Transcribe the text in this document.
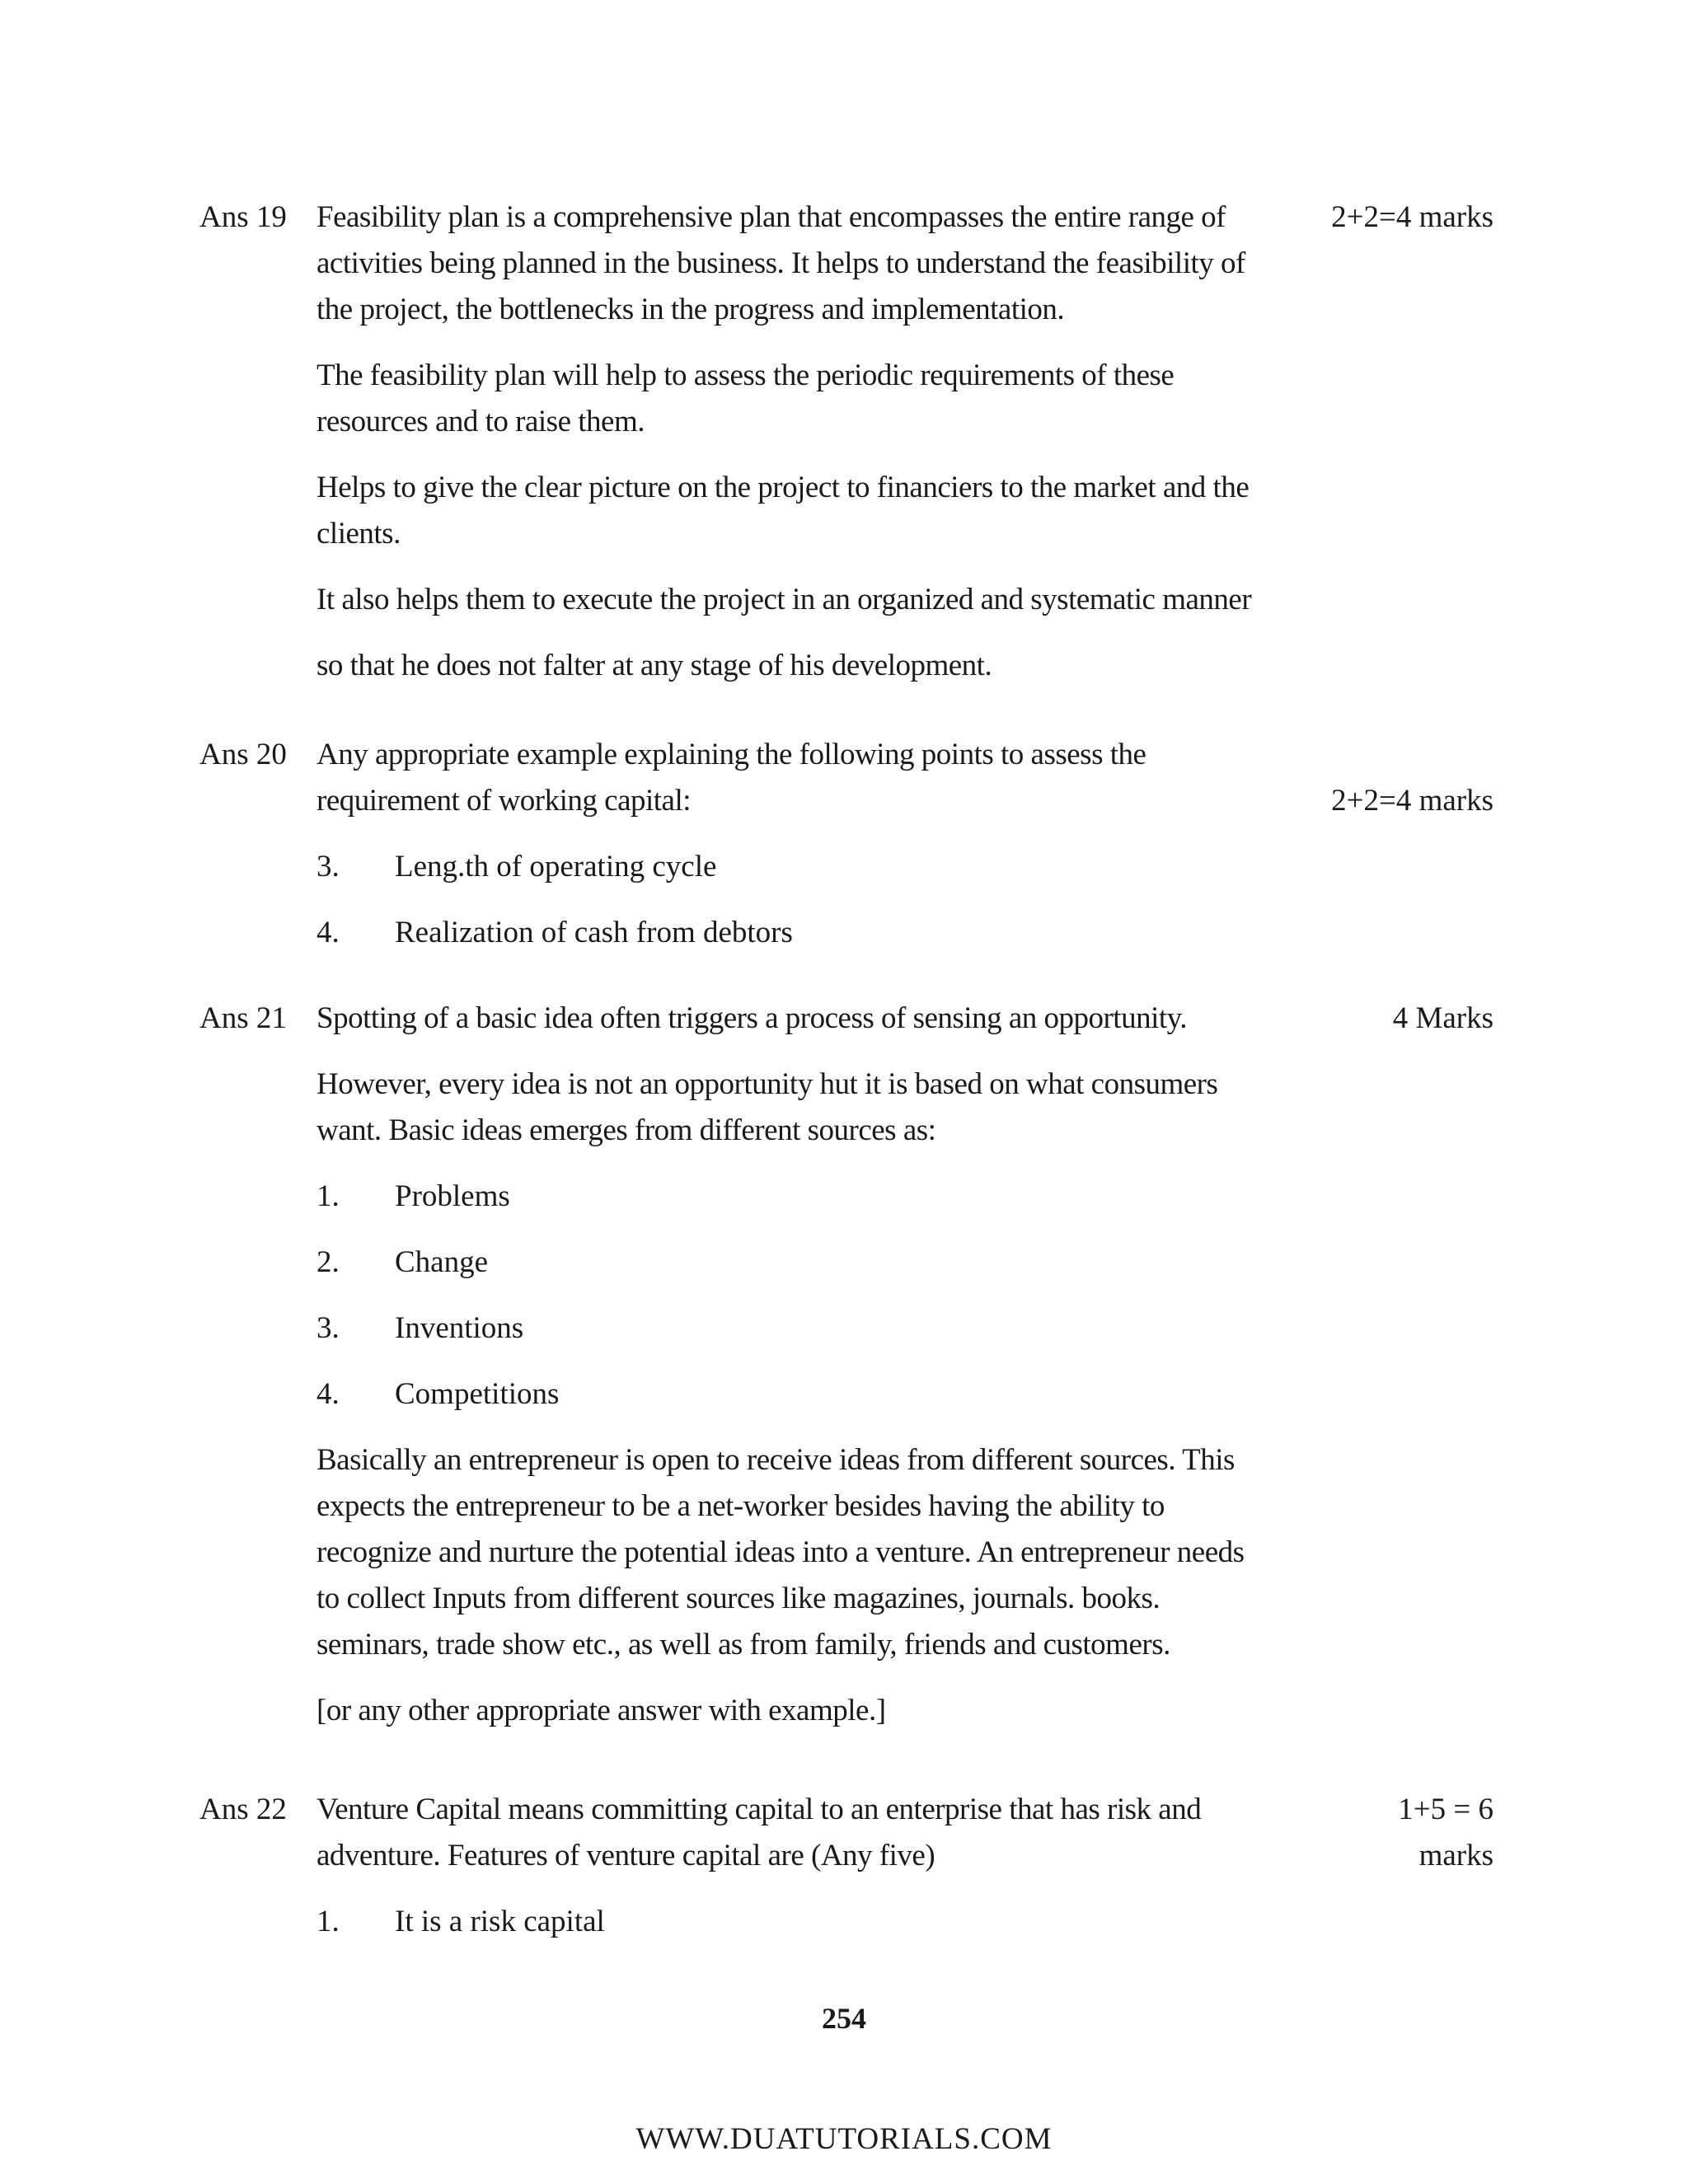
Ans 19	2+2=4 marks

Feasibility plan is a comprehensive plan that encompasses the entire range of activities being planned in the business. It helps to understand the feasibility of the project, the bottlenecks in the progress and implementation.

The feasibility plan will help to assess the periodic requirements of these resources and to raise them.

Helps to give the clear picture on the project to financiers to the market and the clients.

It also helps them to execute the project in an organized and systematic manner

so that he does not falter at any stage of his development.

Ans 20
2+2=4 marks

Any appropriate example explaining the following points to assess the requirement of working capital:

3.	Leng.th of operating cycle
4.	Realization of cash from debtors
Ans 21	4 Marks

Spotting of a basic idea often triggers a process of sensing an opportunity.

However, every idea is not an opportunity hut it is based on what consumers want. Basic ideas emerges from different sources as:

1.	Problems
2.	Change
3.	Inventions
4.	Competitions

Basically an entrepreneur is open to receive ideas from different sources. This expects the entrepreneur to be a net-worker besides having the ability to recognize and nurture the potential ideas into a venture. An entrepreneur needs to collect Inputs from different sources like magazines, journals. books. seminars, trade show etc., as well as from family, friends and customers.

[or any other appropriate answer with example.]

Ans 22	1+5 = 6
marks

Venture Capital means committing capital to an enterprise that has risk and adventure. Features of venture capital are (Any five)

1.	It is a risk capital
254
WWW.DUATUTORIALS.COM
